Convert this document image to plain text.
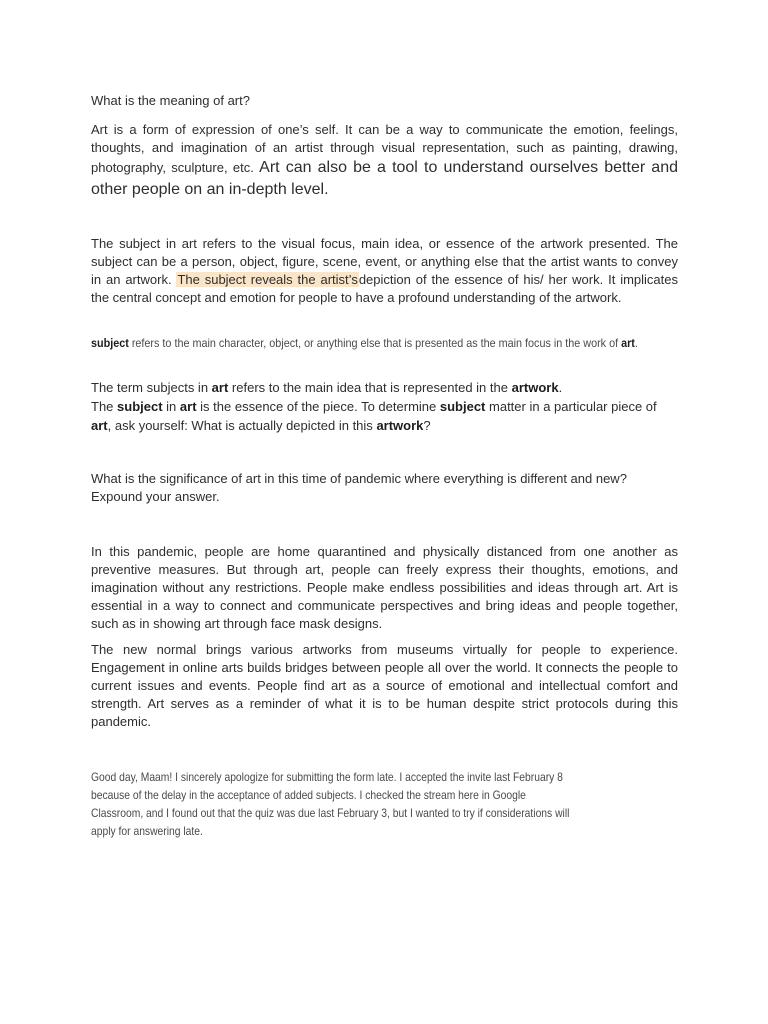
What is the meaning of art?

Art is a form of expression of one’s self. It can be a way to communicate the emotion, feelings, thoughts, and imagination of an artist through visual representation, such as painting, drawing, photography, sculpture, etc. Art can also be a tool to understand ourselves better and other people on an in-depth level.

The subject in art refers to the visual focus, main idea, or essence of the artwork presented. The subject can be a person, object, figure, scene, event, or anything else that the artist wants to convey in an artwork. The subject reveals the artist’sdepiction of the essence of his/ her work. It implicates the central concept and emotion for people to have a profound understanding of the artwork.

subject refers to the main character, object, or anything else that is presented as the main focus in the work of art.

The term subjects in art refers to the main idea that is represented in the artwork.
The subject in art is the essence of the piece. To determine subject matter in a particular piece of art, ask yourself: What is actually depicted in this artwork?

What is the significance of art in this time of pandemic where everything is different and new? Expound your answer.

In this pandemic, people are home quarantined and physically distanced from one another as preventive measures. But through art, people can freely express their thoughts, emotions, and imagination without any restrictions. People make endless possibilities and ideas through art. Art is essential in a way to connect and communicate perspectives and bring ideas and people together, such as in showing art through face mask designs.

The new normal brings various artworks from museums virtually for people to experience. Engagement in online arts builds bridges between people all over the world. It connects the people to current issues and events. People find art as a source of emotional and intellectual comfort and strength. Art serves as a reminder of what it is to be human despite strict protocols during this pandemic.

Good day, Maam! I sincerely apologize for submitting the form late. I accepted the invite last February 8
because of the delay in the acceptance of added subjects. I checked the stream here in Google
Classroom, and I found out that the quiz was due last February 3, but I wanted to try if considerations will
apply for answering late.
